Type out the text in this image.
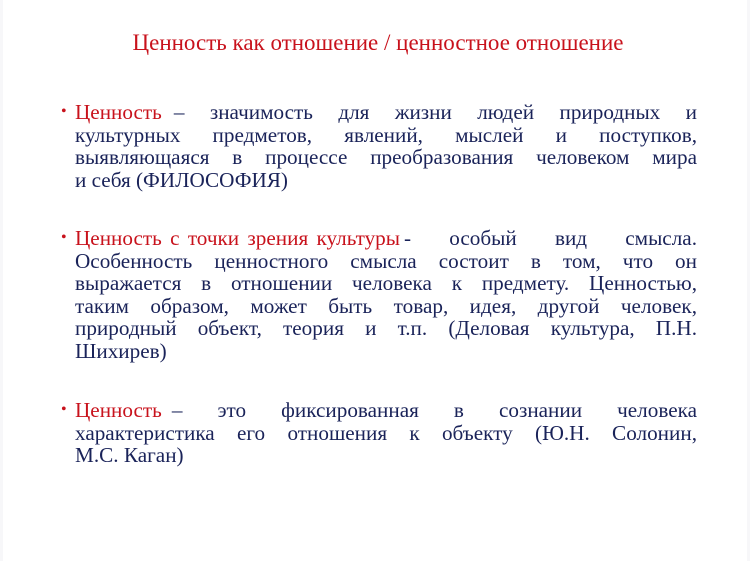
Ценность как отношение / ценностное отношение
• Ценность – значимость для жизни людей природных и
культурных предметов, явлений, мыслей и поступков,
выявляющаяся в процессе преобразования человеком мира
и себя (ФИЛОСОФИЯ)
• Ценность с точки зрения культуры - особый вид смысла.
Особенность ценностного смысла состоит в том, что он
выражается в отношении человека к предмету. Ценностью,
таким образом, может быть товар, идея, другой человек,
природный объект, теория и т.п. (Деловая культура, П.Н.
Шихирев)
• Ценность – это фиксированная в сознании человека
характеристика его отношения к объекту (Ю.Н. Солонин,
М.С. Каган)
